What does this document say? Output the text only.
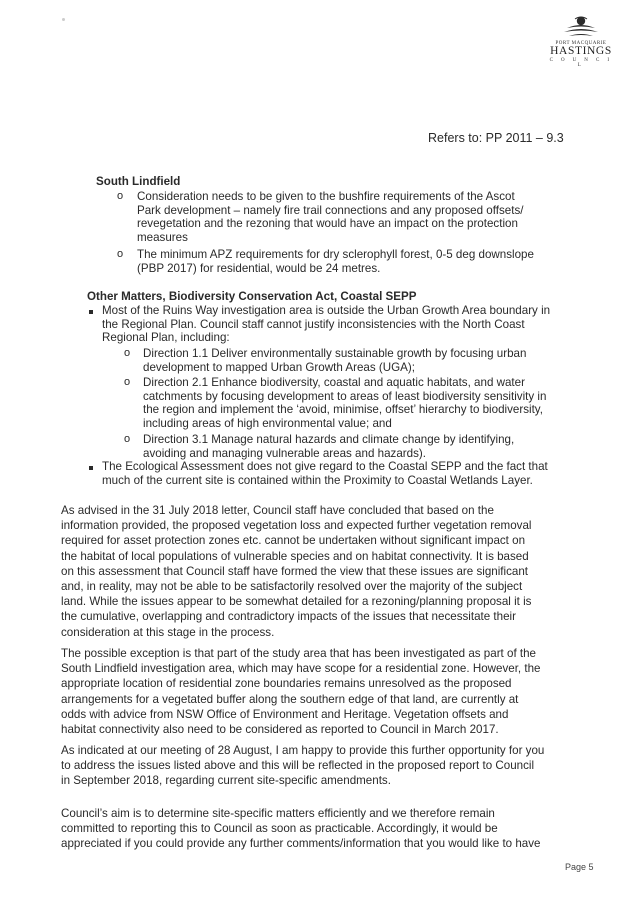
PORT MACQUARIE
HASTINGS
C O U N C I L
Refers to: PP 2011 – 9.3
South Lindfield
o Consideration needs to be given to the bushfire requirements of the Ascot
Park development – namely fire trail connections and any proposed offsets/
revegetation and the rezoning that would have an impact on the protection
measures
o The minimum APZ requirements for dry sclerophyll forest, 0-5 deg downslope
(PBP 2017) for residential, would be 24 metres.
Other Matters, Biodiversity Conservation Act, Coastal SEPP
Most of the Ruins Way investigation area is outside the Urban Growth Area boundary in
the Regional Plan. Council staff cannot justify inconsistencies with the North Coast
Regional Plan, including:
o Direction 1.1 Deliver environmentally sustainable growth by focusing urban
development to mapped Urban Growth Areas (UGA);
o Direction 2.1 Enhance biodiversity, coastal and aquatic habitats, and water
catchments by focusing development to areas of least biodiversity sensitivity in
the region and implement the ‘avoid, minimise, offset’ hierarchy to biodiversity,
including areas of high environmental value; and
o Direction 3.1 Manage natural hazards and climate change by identifying,
avoiding and managing vulnerable areas and hazards).
The Ecological Assessment does not give regard to the Coastal SEPP and the fact that
much of the current site is contained within the Proximity to Coastal Wetlands Layer.
As advised in the 31 July 2018 letter, Council staff have concluded that based on the
information provided, the proposed vegetation loss and expected further vegetation removal
required for asset protection zones etc. cannot be undertaken without significant impact on
the habitat of local populations of vulnerable species and on habitat connectivity. It is based
on this assessment that Council staff have formed the view that these issues are significant
and, in reality, may not be able to be satisfactorily resolved over the majority of the subject
land. While the issues appear to be somewhat detailed for a rezoning/planning proposal it is
the cumulative, overlapping and contradictory impacts of the issues that necessitate their
consideration at this stage in the process.
The possible exception is that part of the study area that has been investigated as part of the
South Lindfield investigation area, which may have scope for a residential zone. However, the
appropriate location of residential zone boundaries remains unresolved as the proposed
arrangements for a vegetated buffer along the southern edge of that land, are currently at
odds with advice from NSW Office of Environment and Heritage. Vegetation offsets and
habitat connectivity also need to be considered as reported to Council in March 2017.
As indicated at our meeting of 28 August, I am happy to provide this further opportunity for you
to address the issues listed above and this will be reflected in the proposed report to Council
in September 2018, regarding current site-specific amendments.
Council’s aim is to determine site-specific matters efficiently and we therefore remain
committed to reporting this to Council as soon as practicable. Accordingly, it would be
appreciated if you could provide any further comments/information that you would like to have
Page 5
